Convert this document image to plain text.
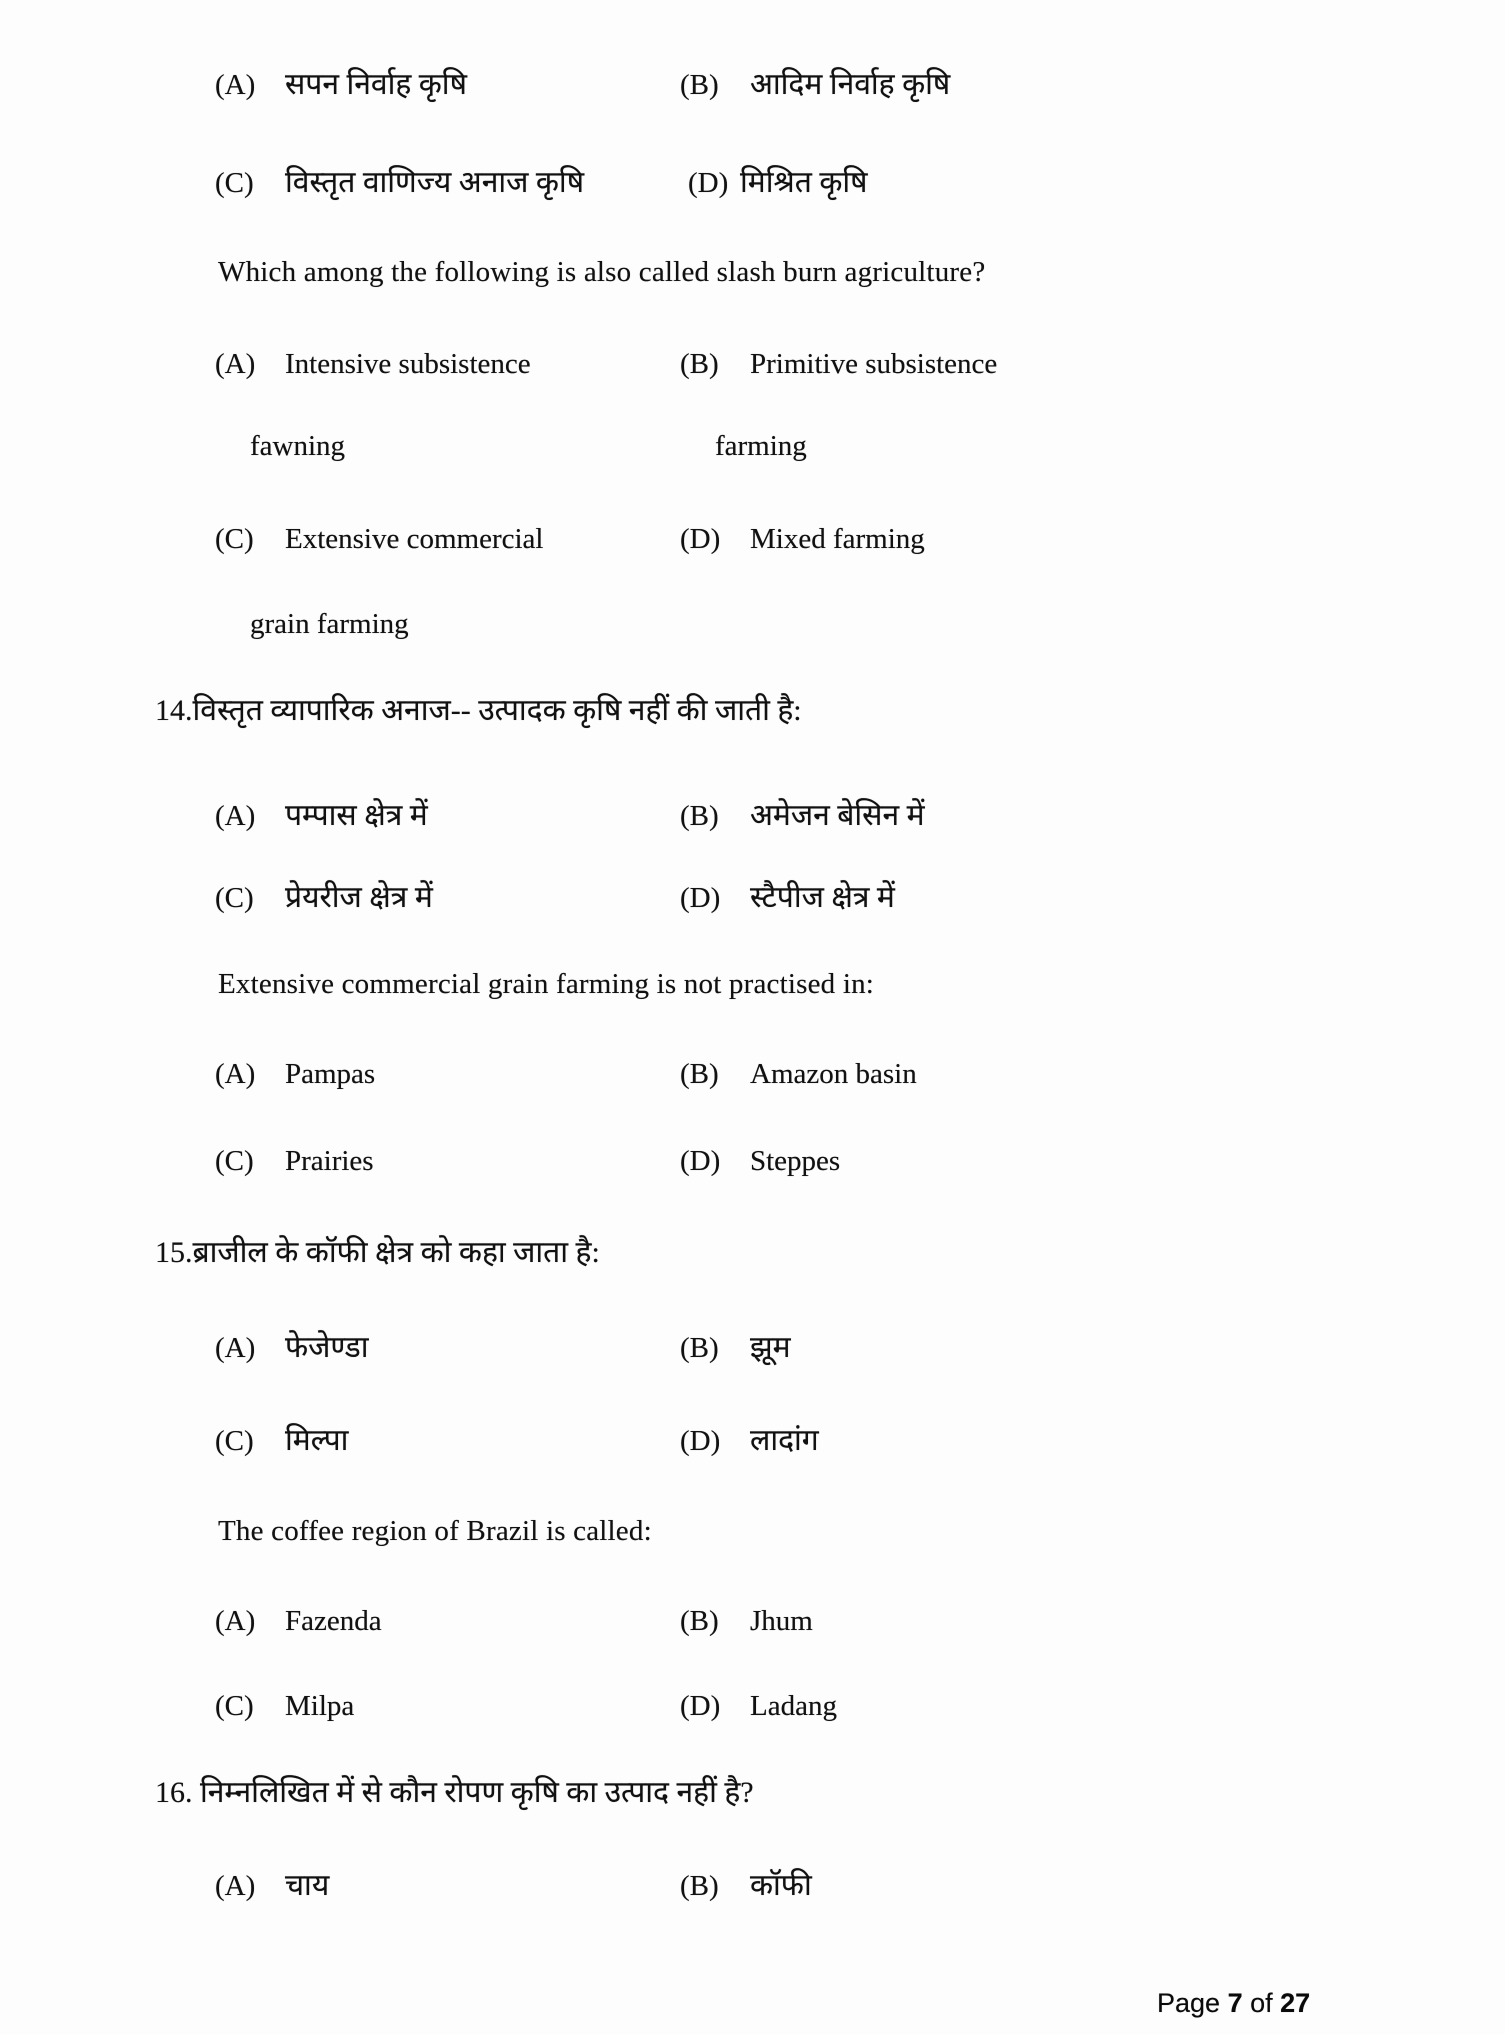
(A) सपन निर्वाह कृषि	(B) आदिम निर्वाह कृषि
(C) विस्तृत वाणिज्य अनाज कृषि	(D) मिश्रित कृषि
Which among the following is also called slash burn agriculture?
(A) Intensive subsistence	(B) Primitive subsistence
fawning	farming
(C) Extensive commercial	(D) Mixed farming
grain farming
14.विस्तृत व्यापारिक अनाज-- उत्पादक कृषि नहीं की जाती है:
(A) पम्पास क्षेत्र में	(B) अमेजन बेसिन में
(C) प्रेयरीज क्षेत्र में	(D) स्टैपीज क्षेत्र में
Extensive commercial grain farming is not practised in:
(A) Pampas	(B) Amazon basin
(C) Prairies	(D) Steppes
15.ब्राजील के कॉफी क्षेत्र को कहा जाता है:
(A) फेजेण्डा	(B) झूम
(C) मिल्पा	(D) लादांग
The coffee region of Brazil is called:
(A) Fazenda	(B) Jhum
(C) Milpa	(D) Ladang
16. निम्नलिखित में से कौन रोपण कृषि का उत्पाद नहीं है?
(A) चाय	(B) कॉफी
Page 7 of 27
